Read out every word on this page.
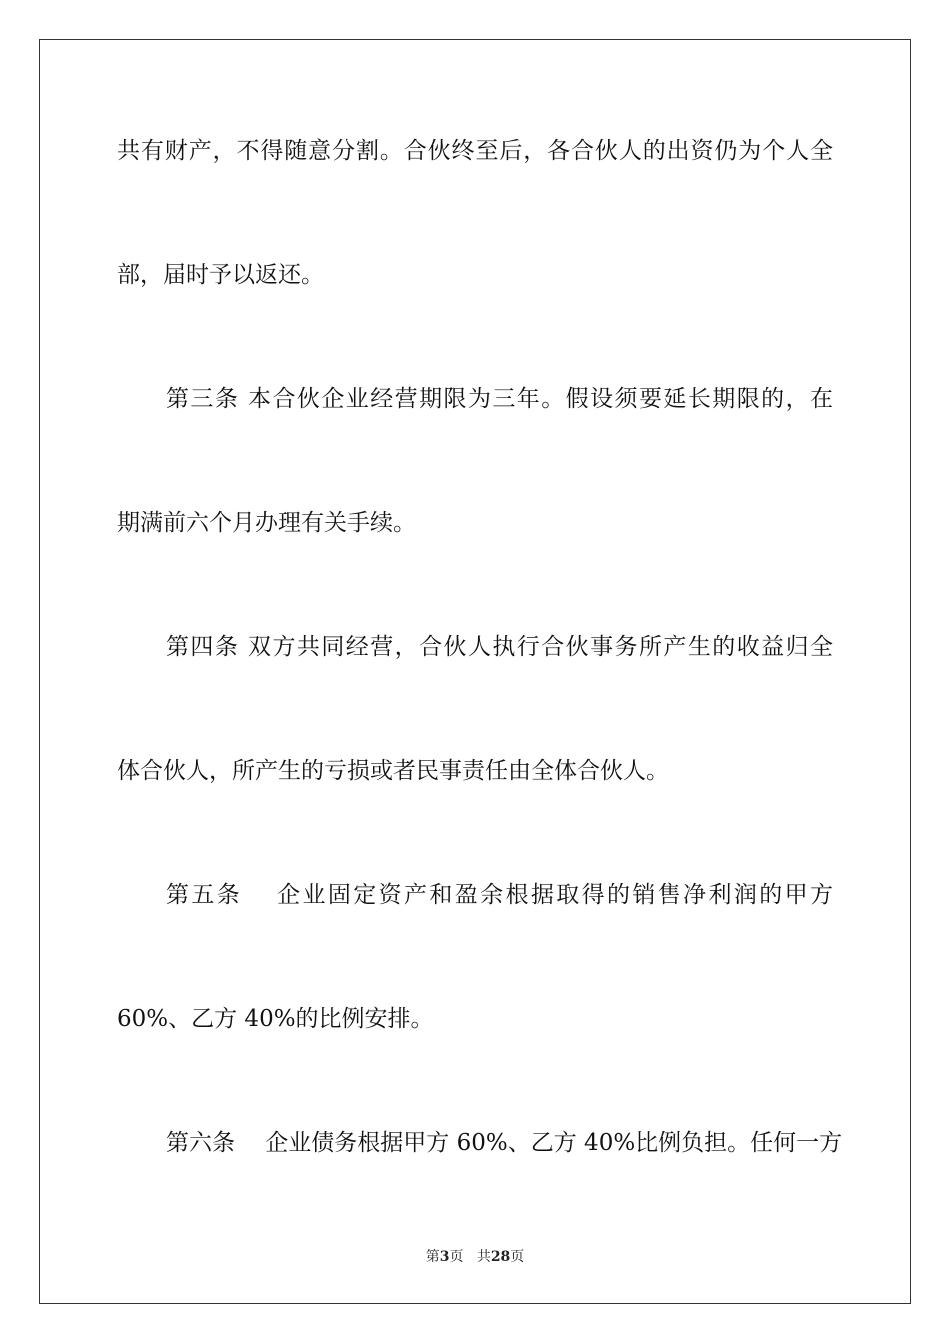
共有财产，不得随意分割。合伙终至后，各合伙人的出资仍为个人全
部，届时予以返还。
第三条 本合伙企业经营期限为三年。假设须要延长期限的，在
期满前六个月办理有关手续。
第四条 双方共同经营，合伙人执行合伙事务所产生的收益归全
体合伙人，所产生的亏损或者民事责任由全体合伙人。
第五条　 企业固定资产和盈余根据取得的销售净利润的甲方
60%、乙方 40%的比例安排。
第六条　 企业债务根据甲方 60%、乙方 40%比例负担。任何一方
第3页 共28页
